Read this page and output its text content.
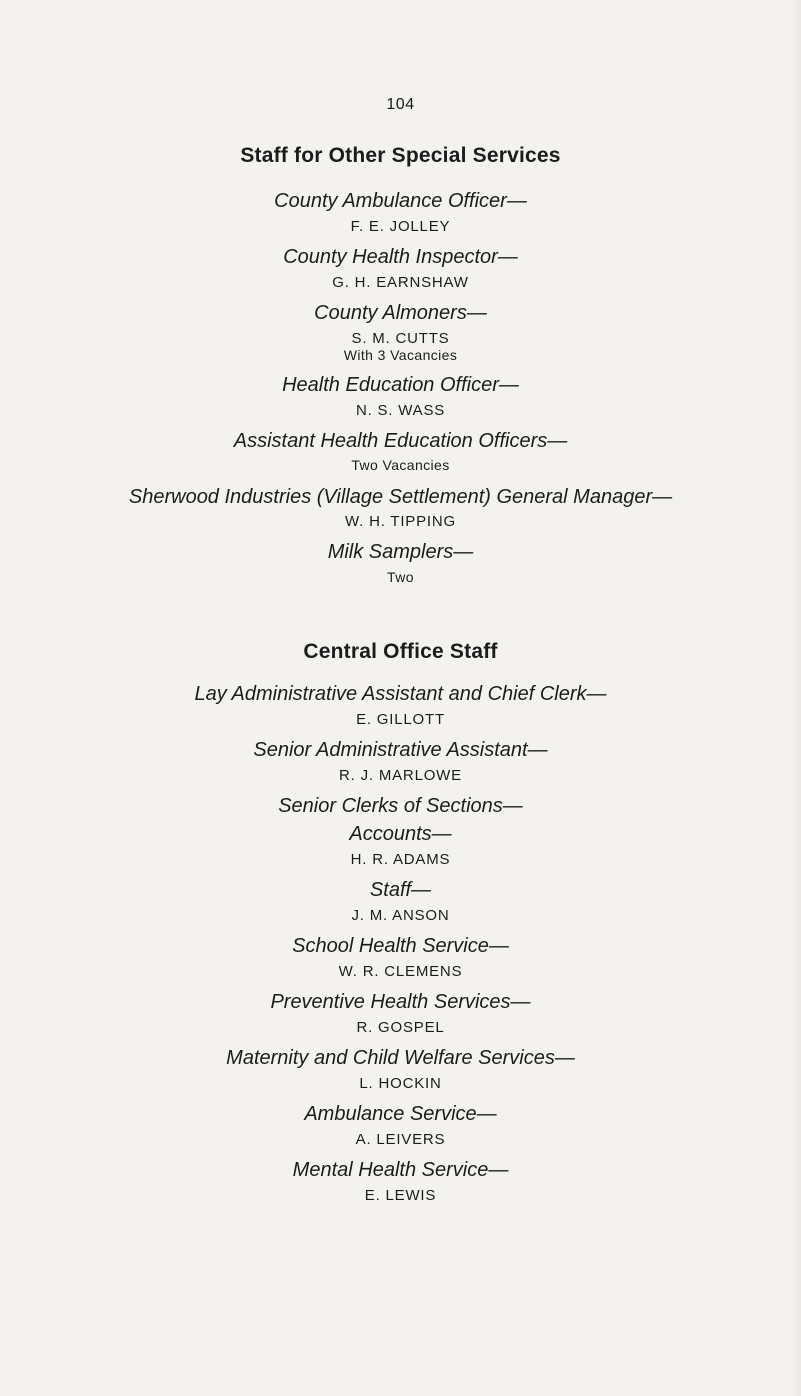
104
Staff for Other Special Services
County Ambulance Officer—
F. E. JOLLEY
County Health Inspector—
G. H. EARNSHAW
County Almoners—
S. M. CUTTS
With 3 Vacancies
Health Education Officer—
N. S. WASS
Assistant Health Education Officers—
Two Vacancies
Sherwood Industries (Village Settlement) General Manager—
W. H. TIPPING
Milk Samplers—
Two
Central Office Staff
Lay Administrative Assistant and Chief Clerk—
E. GILLOTT
Senior Administrative Assistant—
R. J. MARLOWE
Senior Clerks of Sections—
Accounts—
H. R. ADAMS
Staff—
J. M. ANSON
School Health Service—
W. R. CLEMENS
Preventive Health Services—
R. GOSPEL
Maternity and Child Welfare Services—
L. HOCKIN
Ambulance Service—
A. LEIVERS
Mental Health Service—
E. LEWIS
